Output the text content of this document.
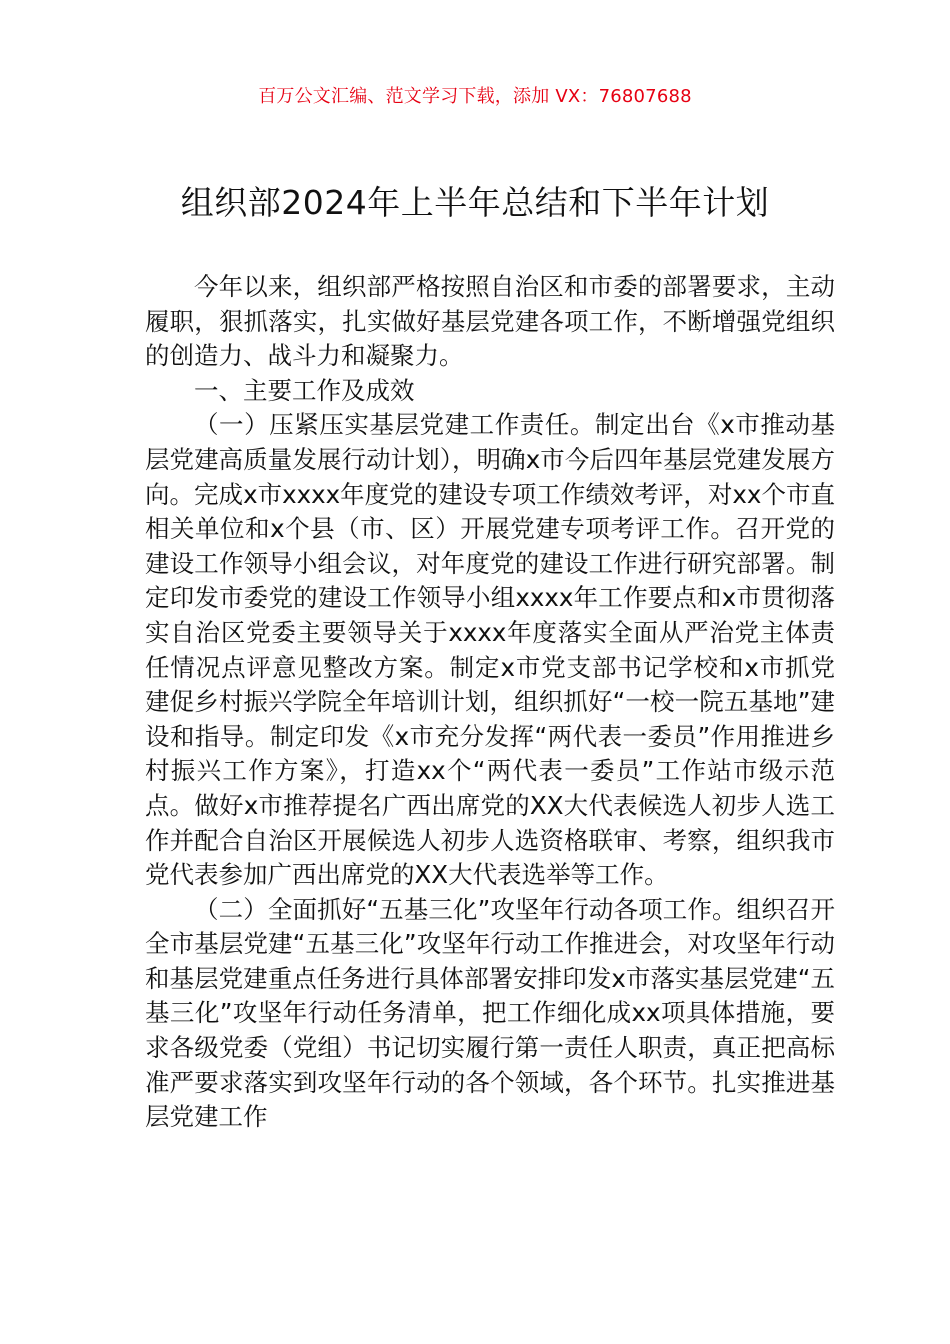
百万公文汇编、范文学习下载，添加 VX：76807688
组织部2024年上半年总结和下半年计划

今年以来，组织部严格按照自治区和市委的部署要求，主动履职，狠抓落实，扎实做好基层党建各项工作，不断增强党组织的创造力、战斗力和凝聚力。

一、主要工作及成效

（一）压紧压实基层党建工作责任。制定出台《x市推动基层党建高质量发展行动计划），明确x市今后四年基层党建发展方向。完成x市xxxx年度党的建设专项工作绩效考评，对xx个市直相关单位和x个县（市、区）开展党建专项考评工作。召开党的建设工作领导小组会议，对年度党的建设工作进行研究部署。制定印发市委党的建设工作领导小组xxxx年工作要点和x市贯彻落实自治区党委主要领导关于xxxx年度落实全面从严治党主体责任情况点评意见整改方案。制定x市党支部书记学校和x市抓党建促乡村振兴学院全年培训计划，组织抓好“一校一院五基地”建设和指导。制定印发《x市充分发挥“两代表一委员”作用推进乡村振兴工作方案》，打造xx个“两代表一委员”工作站市级示范点。做好x市推荐提名广西出席党的XX大代表候选人初步人选工作并配合自治区开展候选人初步人选资格联审、考察，组织我市党代表参加广西出席党的XX大代表选举等工作。

（二）全面抓好“五基三化”攻坚年行动各项工作。组织召开全市基层党建“五基三化”攻坚年行动工作推进会，对攻坚年行动和基层党建重点任务进行具体部署安排印发x市落实基层党建“五基三化”攻坚年行动任务清单，把工作细化成xx项具体措施，要求各级党委（党组）书记切实履行第一责任人职责，真正把高标准严要求落实到攻坚年行动的各个领域，各个环节。扎实推进基层党建工作
